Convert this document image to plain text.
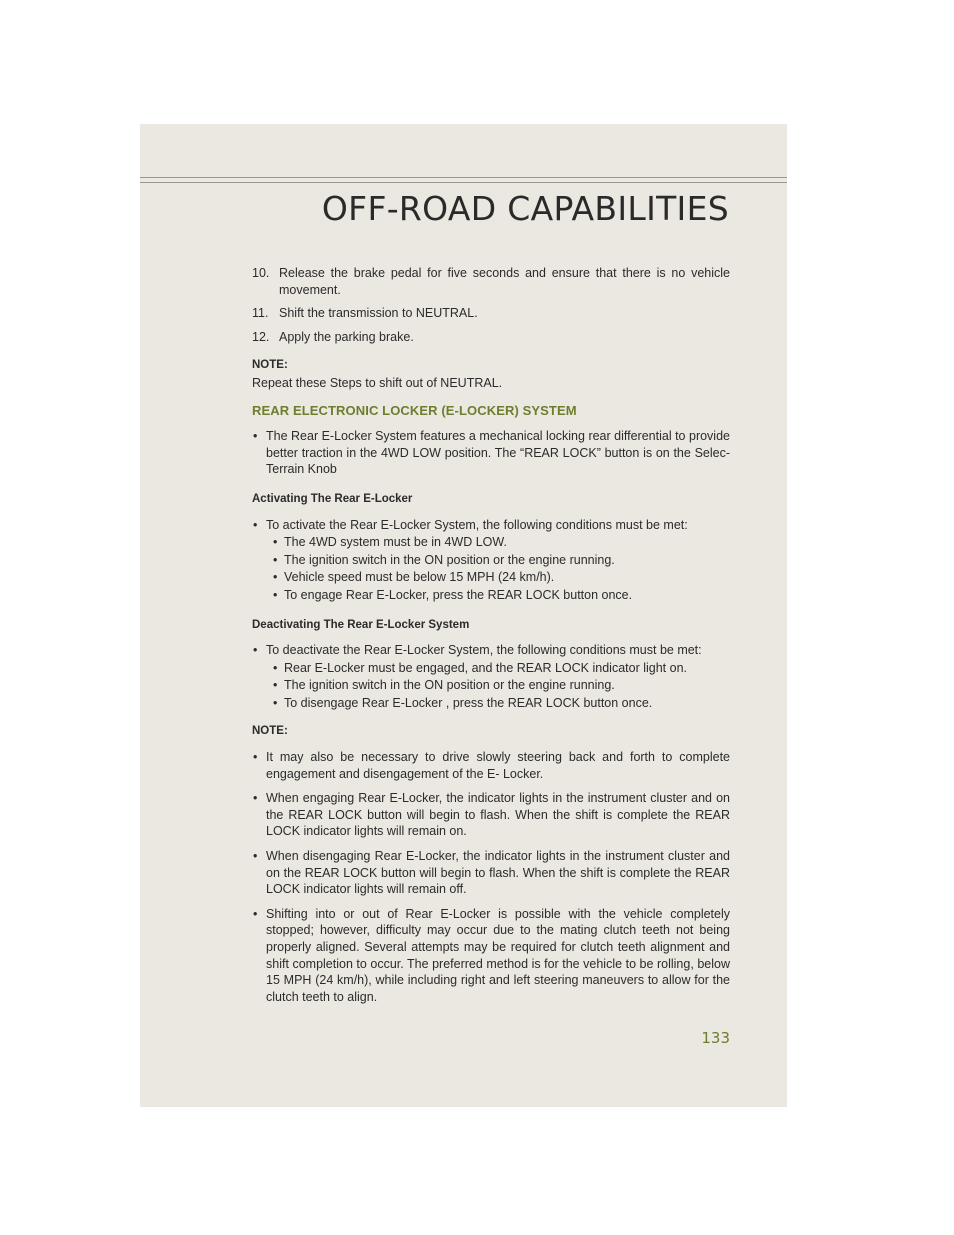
OFF-ROAD CAPABILITIES
10. Release the brake pedal for five seconds and ensure that there is no vehicle movement.
11. Shift the transmission to NEUTRAL.
12. Apply the parking brake.
NOTE:

Repeat these Steps to shift out of NEUTRAL.

REAR ELECTRONIC LOCKER (E-LOCKER) SYSTEM
• The Rear E-Locker System features a mechanical locking rear differential to provide better traction in the 4WD LOW position. The “REAR LOCK” button is on the Selec-Terrain Knob
Activating The Rear E-Locker
• To activate the Rear E-Locker System, the following conditions must be met:
• The 4WD system must be in 4WD LOW.
• The ignition switch in the ON position or the engine running.
• Vehicle speed must be below 15 MPH (24 km/h).
• To engage Rear E-Locker, press the REAR LOCK button once.
Deactivating The Rear E-Locker System
• To deactivate the Rear E-Locker System, the following conditions must be met:
• Rear E-Locker must be engaged, and the REAR LOCK indicator light on.
• The ignition switch in the ON position or the engine running.
• To disengage Rear E-Locker , press the REAR LOCK button once.
NOTE:
• It may also be necessary to drive slowly steering back and forth to complete engagement and disengagement of the E- Locker.
• When engaging Rear E-Locker, the indicator lights in the instrument cluster and on the REAR LOCK button will begin to flash. When the shift is complete the REAR LOCK indicator lights will remain on.
• When disengaging Rear E-Locker, the indicator lights in the instrument cluster and on the REAR LOCK button will begin to flash. When the shift is complete the REAR LOCK indicator lights will remain off.
• Shifting into or out of Rear E-Locker is possible with the vehicle completely stopped; however, difficulty may occur due to the mating clutch teeth not being properly aligned. Several attempts may be required for clutch teeth alignment and shift completion to occur. The preferred method is for the vehicle to be rolling, below 15 MPH (24 km/h), while including right and left steering maneuvers to allow for the clutch teeth to align.
133
